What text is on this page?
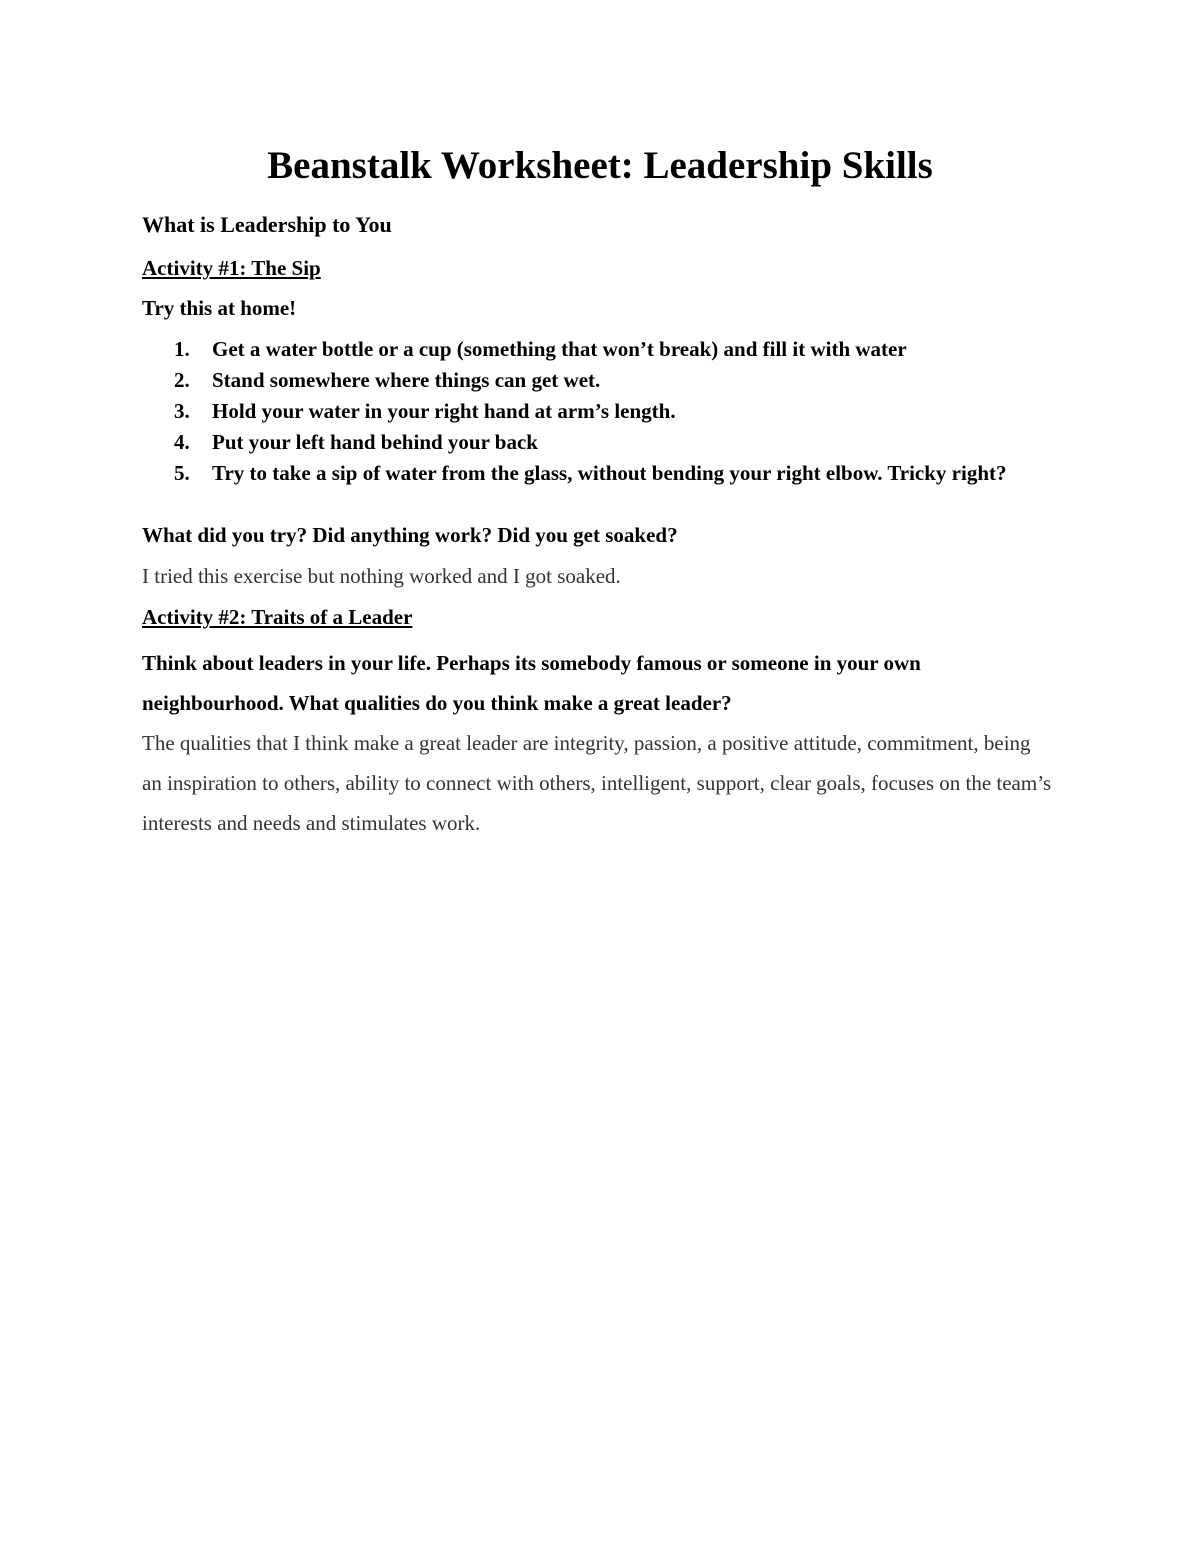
Beanstalk Worksheet: Leadership Skills
What is Leadership to You
Activity #1: The Sip

Try this at home!

1. Get a water bottle or a cup (something that won’t break) and fill it with water
2. Stand somewhere where things can get wet.
3. Hold your water in your right hand at arm’s length.
4. Put your left hand behind your back
5. Try to take a sip of water from the glass, without bending your right elbow. Tricky right?

What did you try? Did anything work? Did you get soaked?

I tried this exercise but nothing worked and I got soaked.

Activity #2: Traits of a Leader

Think about leaders in your life. Perhaps its somebody famous or someone in your own neighbourhood. What qualities do you think make a great leader?

The qualities that I think make a great leader are integrity, passion, a positive attitude, commitment, being an inspiration to others, ability to connect with others, intelligent, support, clear goals, focuses on the team’s interests and needs and stimulates work.
